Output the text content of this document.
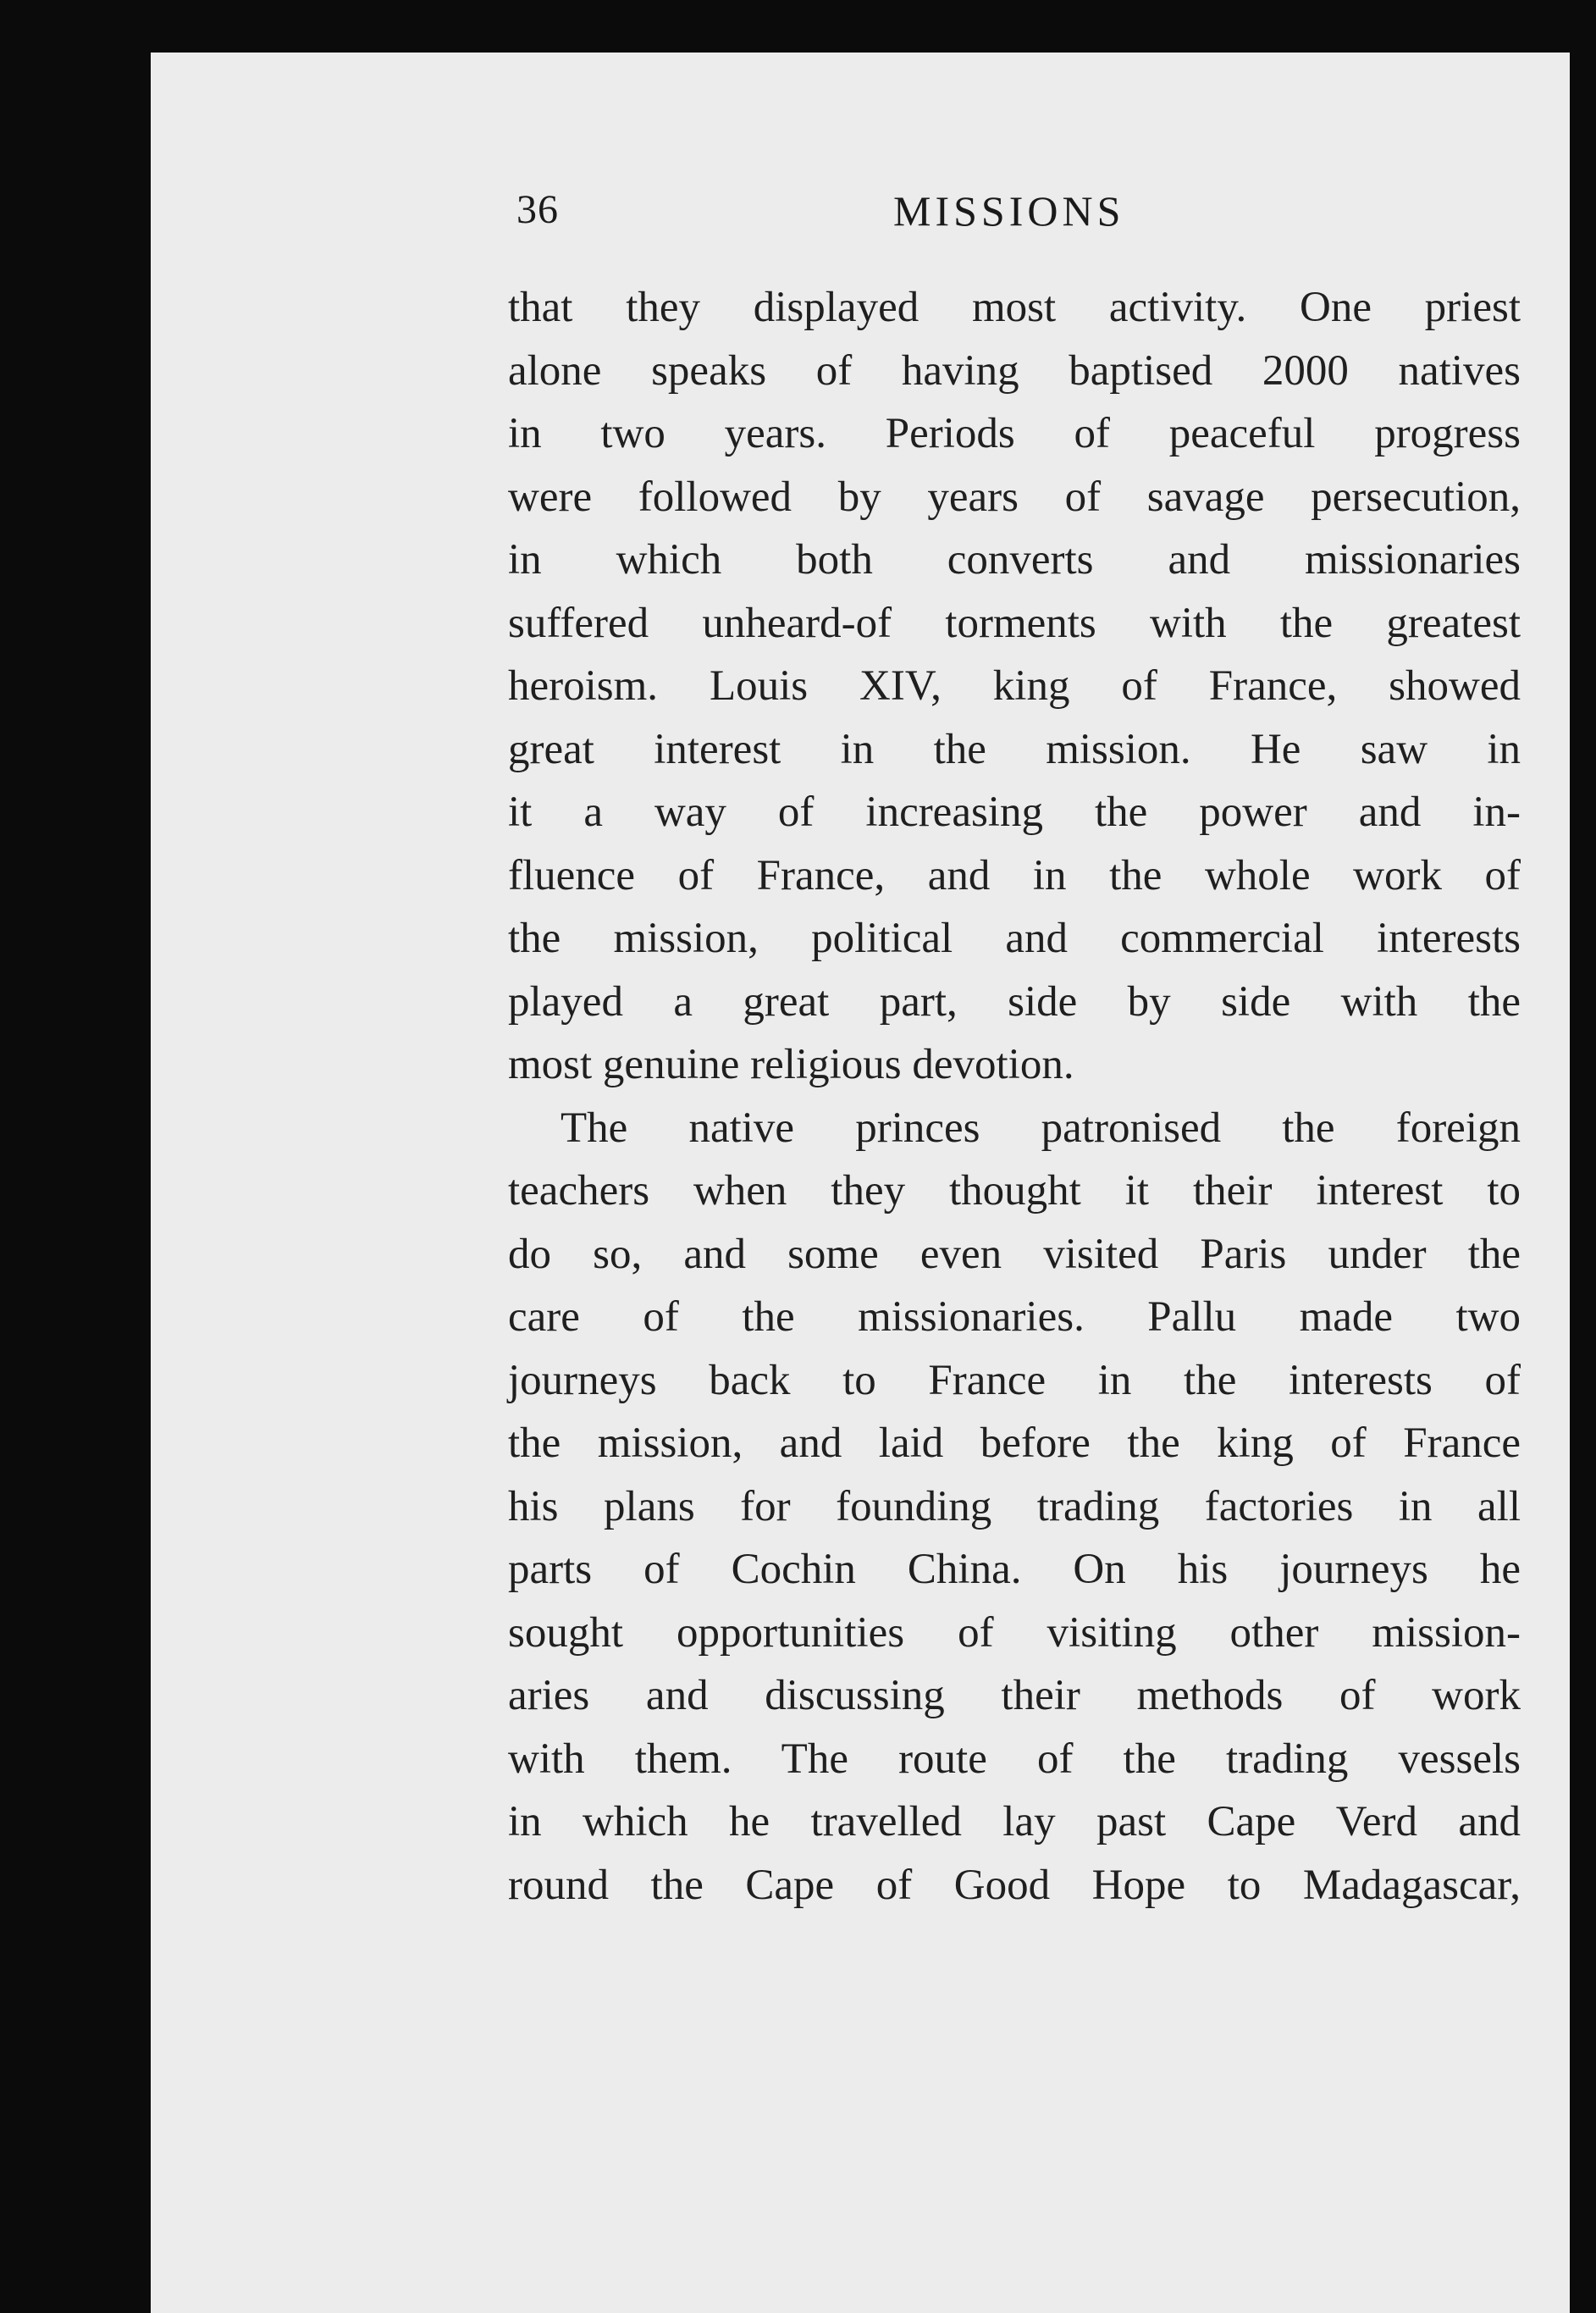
36	MISSIONS
that they displayed most activity. One priest
alone speaks of having baptised 2000 natives
in two years. Periods of peaceful progress
were followed by years of savage persecution,
in which both converts and missionaries
suffered unheard-of torments with the greatest
heroism. Louis XIV, king of France, showed
great interest in the mission. He saw in
it a way of increasing the power and in-
fluence of France, and in the whole work of
the mission, political and commercial interests
played a great part, side by side with the
most genuine religious devotion.
The native princes patronised the foreign
teachers when they thought it their interest to
do so, and some even visited Paris under the
care of the missionaries. Pallu made two
journeys back to France in the interests of
the mission, and laid before the king of France
his plans for founding trading factories in all
parts of Cochin China. On his journeys he
sought opportunities of visiting other mission-
aries and discussing their methods of work
with them. The route of the trading vessels
in which he travelled lay past Cape Verd and
round the Cape of Good Hope to Madagascar,
